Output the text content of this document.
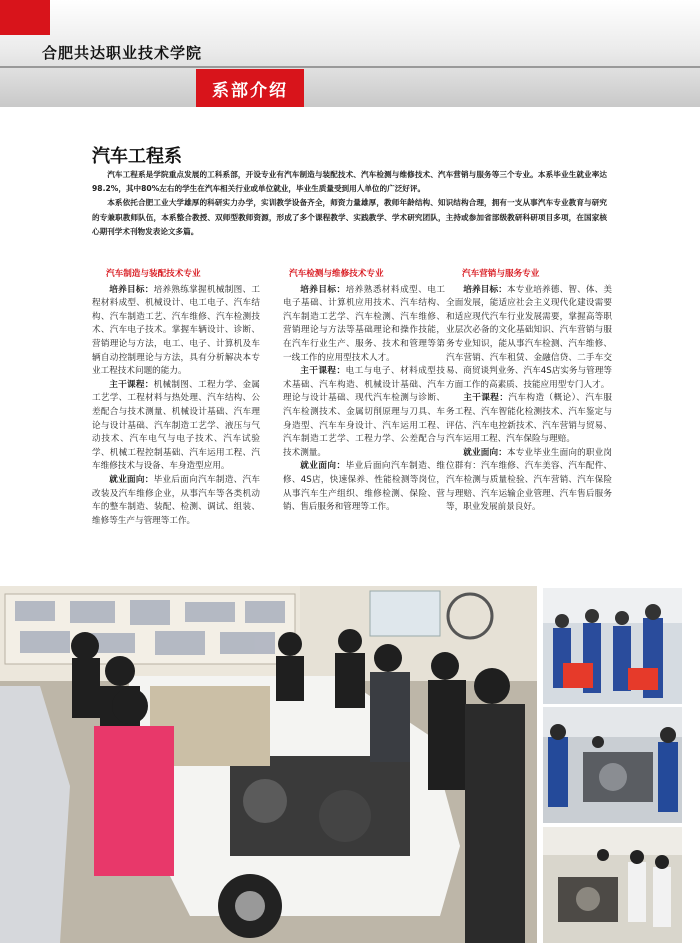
合肥共达职业技术学院
系部介绍
汽车工程系

汽车工程系是学院重点发展的工科系部，开设专业有汽车制造与装配技术、汽车检测与维修技术、汽车营销与服务等三个专业。本系毕业生就业率达98.2%，其中80%左右的学生在汽车相关行业或单位就业，毕业生质量受到用人单位的广泛好评。

本系依托合肥工业大学雄厚的科研实力办学，实训教学设备齐全，师资力量雄厚，教师年龄结构、知识结构合理，拥有一支从事汽车专业教育与研究的专兼职教师队伍，本系整合教授、双师型教师资源，形成了多个课程教学、实践教学、学术研究团队，主持或参加省部级教研科研项目多项，在国家核心期刊学术刊物发表论文多篇。

汽车制造与装配技术专业

培养目标：培养熟练掌握机械制图、工程材料成型、机械设计、电工电子、汽车结构、汽车制造工艺、汽车维修、汽车检测技术、汽车电子技术。掌握车辆设计、诊断、营销理论与方法，电工、电子、计算机及车辆自动控制理论与方法，具有分析解决本专业工程技术问题的能力。

主干课程：机械制图、工程力学、金属工艺学、工程材料与热处理、汽车结构、公差配合与技术测量、机械设计基础、汽车理论与设计基础、汽车制造工艺学、液压与气动技术、汽车电气与电子技术、汽车试验学、机械工程控制基础、汽车运用工程、汽车维修技术与设备、车身造型应用。

就业面向：毕业后面向汽车制造、汽车改装及汽车维修企业，从事汽车等各类机动车的整车制造、装配、检测、调试、组装、维修等生产与管理等工作。

汽车检测与维修技术专业

培养目标：培养熟悉材料成型、电工电子基础、计算机应用技术、汽车结构、汽车制造工艺学、汽车检测、汽车维修、营销理论与方法等基础理论和操作技能，在汽车行业生产、服务、技术和管理等第一线工作的应用型技术人才。

主干课程：电工与电子、材料成型技术基础、汽车构造、机械设计基础、汽车理论与设计基础、现代汽车检测与诊断、汽车检测技术、金属切削原理与刀具、车身造型、汽车车身设计、汽车运用工程、汽车制造工艺学、工程力学、公差配合与技术测量。

就业面向：毕业后面向汽车制造、维修、4S店，快速保养、性能检测等岗位，从事汽车生产组织、维修检测、保险、营销、售后服务和管理等工作。

汽车营销与服务专业

培养目标：本专业培养德、智、体、美全面发展，能适应社会主义现代化建设需要和适应现代汽车行业发展需要，掌握高等职业层次必备的文化基础知识、汽车营销与服务专业知识，能从事汽车检测、汽车维修、汽车营销、汽车租赁、金融信贷、二手车交易、商贸谈判业务、汽车4S店实务与管理等方面工作的高素质、技能应用型专门人才。

主干课程：汽车构造（概论）、汽车服务工程、汽车智能化检测技术、汽车鉴定与评估、汽车电控新技术、汽车营销与贸易、汽车运用工程、汽车保险与理赔。

就业面向：本专业毕业生面向的职业岗位群有：汽车维修、汽车美容、汽车配件、汽车检测与质量检验、汽车营销、汽车保险与理赔、汽车运输企业管理、汽车售后服务等，职业发展前景良好。
